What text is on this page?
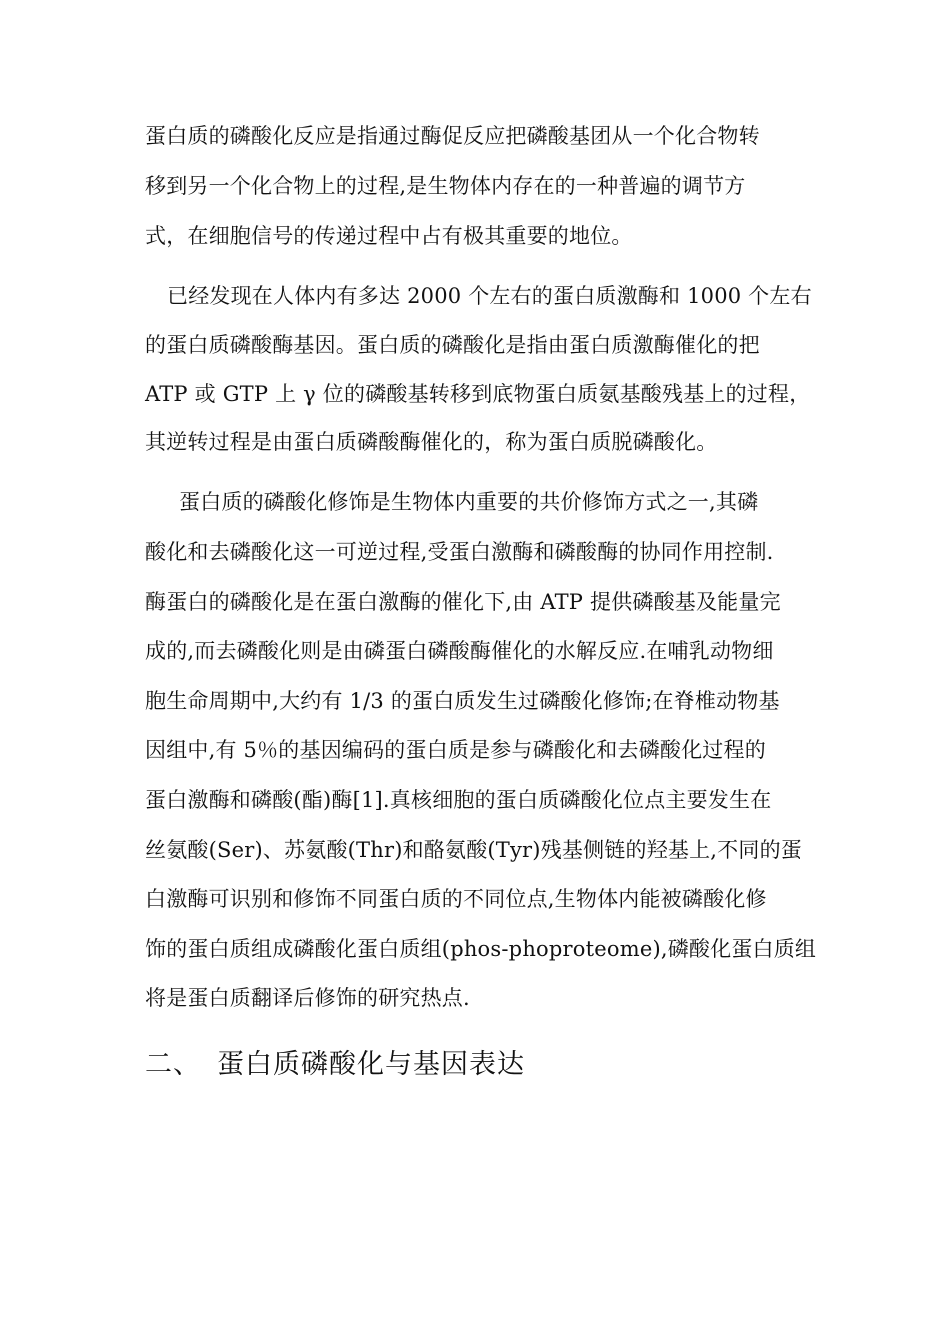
蛋白质的磷酸化反应是指通过酶促反应把磷酸基团从一个化合物转
移到另一个化合物上的过程,是生物体内存在的一种普遍的调节方
式，在细胞信号的传递过程中占有极其重要的地位。
已经发现在人体内有多达 2000 个左右的蛋白质激酶和 1000 个左右
的蛋白质磷酸酶基因。蛋白质的磷酸化是指由蛋白质激酶催化的把
ATP 或 GTP 上 γ 位的磷酸基转移到底物蛋白质氨基酸残基上的过程，
其逆转过程是由蛋白质磷酸酶催化的，称为蛋白质脱磷酸化。
蛋白质的磷酸化修饰是生物体内重要的共价修饰方式之一,其磷
酸化和去磷酸化这一可逆过程,受蛋白激酶和磷酸酶的协同作用控制.
酶蛋白的磷酸化是在蛋白激酶的催化下,由 ATP 提供磷酸基及能量完
成的,而去磷酸化则是由磷蛋白磷酸酶催化的水解反应.在哺乳动物细
胞生命周期中,大约有 1/3 的蛋白质发生过磷酸化修饰;在脊椎动物基
因组中,有 5％的基因编码的蛋白质是参与磷酸化和去磷酸化过程的
蛋白激酶和磷酸(酯)酶[1].真核细胞的蛋白质磷酸化位点主要发生在
丝氨酸(Ser)、苏氨酸(Thr)和酪氨酸(Tyr)残基侧链的羟基上,不同的蛋
白激酶可识别和修饰不同蛋白质的不同位点,生物体内能被磷酸化修
饰的蛋白质组成磷酸化蛋白质组(phos-phoproteome),磷酸化蛋白质组
将是蛋白质翻译后修饰的研究热点.
二、 蛋白质磷酸化与基因表达
